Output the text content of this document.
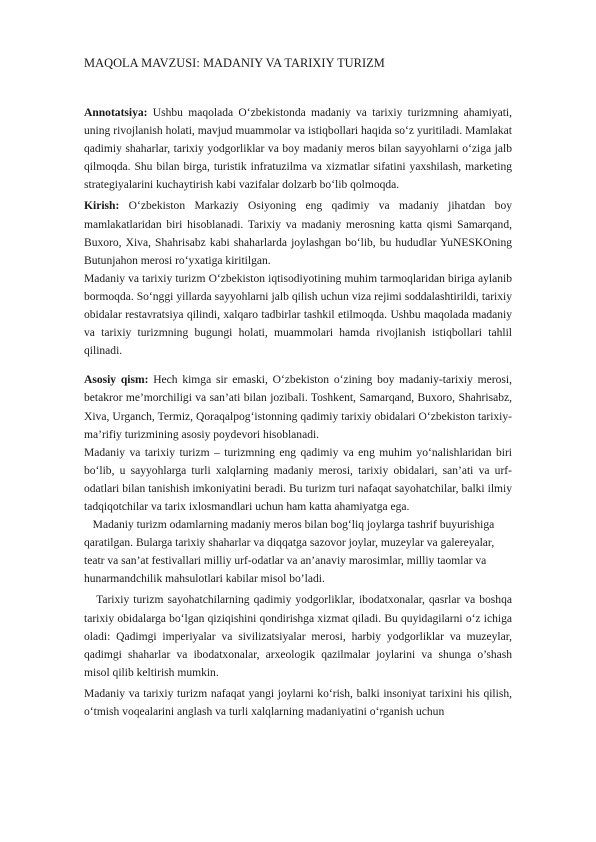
MAQOLA MAVZUSI: MADANIY VA TARIXIY TURIZM

Annotatsiya: Ushbu maqolada O‘zbekistonda madaniy va tarixiy turizmning ahamiyati, uning rivojlanish holati, mavjud muammolar va istiqbollari haqida so‘z yuritiladi. Mamlakat qadimiy shaharlar, tarixiy yodgorliklar va boy madaniy meros bilan sayyohlarni o‘ziga jalb qilmoqda. Shu bilan birga, turistik infratuzilma va xizmatlar sifatini yaxshilash, marketing strategiyalarini kuchaytirish kabi vazifalar dolzarb bo‘lib qolmoqda.

Kirish: O‘zbekiston Markaziy Osiyoning eng qadimiy va madaniy jihatdan boy mamlakatlaridan biri hisoblanadi. Tarixiy va madaniy merosning katta qismi Samarqand, Buxoro, Xiva, Shahrisabz kabi shaharlarda joylashgan bo‘lib, bu hududlar YuNESKOning Butunjahon merosi ro‘yxatiga kiritilgan.

Madaniy va tarixiy turizm O‘zbekiston iqtisodiyotining muhim tarmoqlaridan biriga aylanib bormoqda. So‘nggi yillarda sayyohlarni jalb qilish uchun viza rejimi soddalashtirildi, tarixiy obidalar restavratsiya qilindi, xalqaro tadbirlar tashkil etilmoqda. Ushbu maqolada madaniy va tarixiy turizmning bugungi holati, muammolari hamda rivojlanish istiqbollari tahlil qilinadi.

Asosiy qism: Hech kimga sir emaski, O‘zbekiston o‘zining boy madaniy-tarixiy merosi, betakror me’morchiligi va san’ati bilan jozibali. Toshkent, Samarqand, Buxoro, Shahrisabz, Xiva, Urganch, Termiz, Qoraqalpog‘istonning qadimiy tarixiy obidalari O‘zbekiston tarixiy-ma’rifiy turizmining asosiy poydevori hisoblanadi.

Madaniy va tarixiy turizm – turizmning eng qadimiy va eng muhim yo‘nalishlaridan biri bo‘lib, u sayyohlarga turli xalqlarning madaniy merosi, tarixiy obidalari, san’ati va urf-odatlari bilan tanishish imkoniyatini beradi. Bu turizm turi nafaqat sayohatchilar, balki ilmiy tadqiqotchilar va tarix ixlosmandlari uchun ham katta ahamiyatga ega.

Madaniy turizm odamlarning madaniy meros bilan bog‘liq joylarga tashrif buyurishiga qaratilgan. Bularga tarixiy shaharlar va diqqatga sazovor joylar, muzeylar va galereyalar, teatr va san’at festivallari milliy urf-odatlar va an’anaviy marosimlar, milliy taomlar va hunarmandchilik mahsulotlari kabilar misol bo’ladi.

Tarixiy turizm sayohatchilarning qadimiy yodgorliklar, ibodatxonalar, qasrlar va boshqa tarixiy obidalarga bo‘lgan qiziqishini qondirishga xizmat qiladi. Bu quyidagilarni o‘z ichiga oladi: Qadimgi imperiyalar va sivilizatsiyalar merosi, harbiy yodgorliklar va muzeylar, qadimgi shaharlar va ibodatxonalar, arxeologik qazilmalar joylarini va shunga o’shash  misol qilib keltirish mumkin.

Madaniy va tarixiy turizm nafaqat yangi joylarni ko‘rish, balki insoniyat tarixini his qilish, o‘tmish voqealarini anglash va turli xalqlarning madaniyatini o‘rganish uchun
